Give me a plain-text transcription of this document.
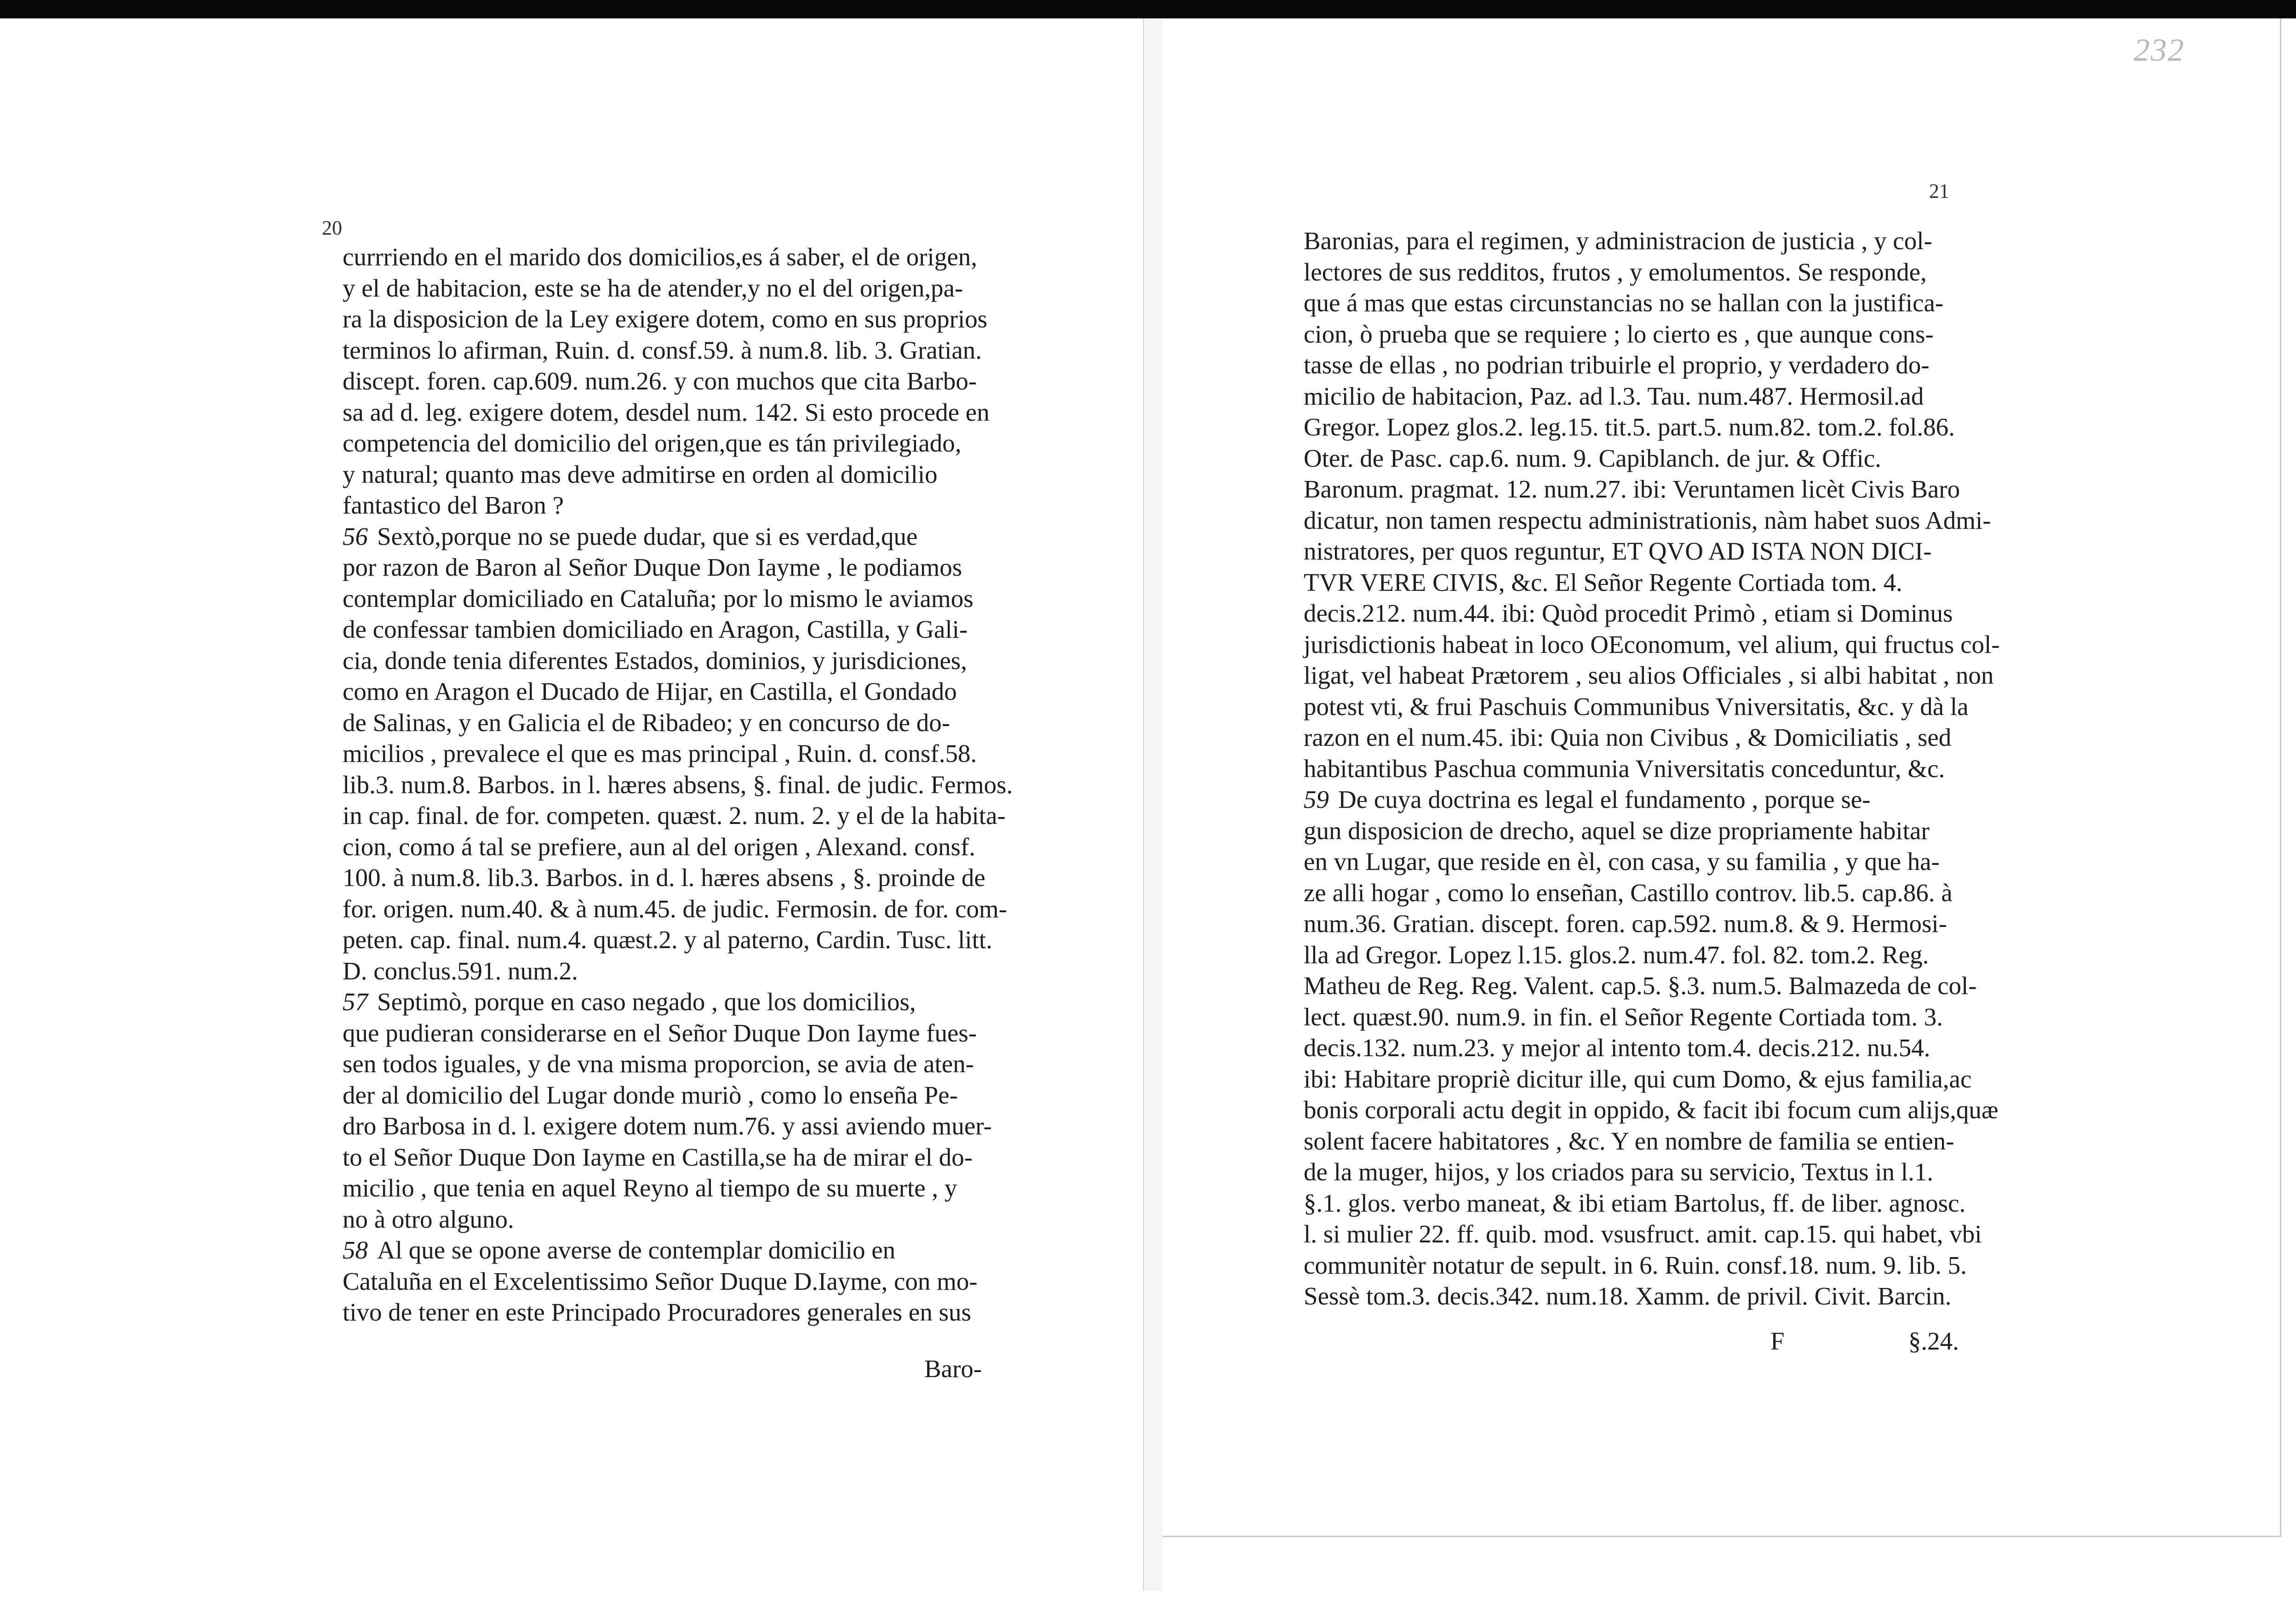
20
currriendo en el marido dos domicilios,es á saber, el de origen,
y el de habitacion, este se ha de atender,y no el del origen,pa-
ra la disposicion de la Ley exigere dotem, como en sus proprios
terminos lo afirman, Ruin. d. consf.59. à num.8. lib. 3. Gratian.
discept. foren. cap.609. num.26. y con muchos que cita Barbo-
sa ad d. leg. exigere dotem, desdel num. 142. Si esto procede en
competencia del domicilio del origen,que es tán privilegiado,
y natural; quanto mas deve admitirse en orden al domicilio
fantastico del Baron ?
56 Sextò,porque no se puede dudar, que si es verdad,que
por razon de Baron al Señor Duque Don Iayme , le podiamos
contemplar domiciliado en Cataluña; por lo mismo le aviamos
de confessar tambien domiciliado en Aragon, Castilla, y Gali-
cia, donde tenia diferentes Estados, dominios, y jurisdiciones,
como en Aragon el Ducado de Hijar, en Castilla, el Gondado
de Salinas, y en Galicia el de Ribadeo; y en concurso de do-
micilios , prevalece el que es mas principal , Ruin. d. consf.58.
lib.3. num.8. Barbos. in l. hæres absens, §. final. de judic. Fermos.
in cap. final. de for. competen. quæst. 2. num. 2. y el de la habita-
cion, como á tal se prefiere, aun al del origen , Alexand. consf.
100. à num.8. lib.3. Barbos. in d. l. hæres absens , §. proinde de
for. origen. num.40. & à num.45. de judic. Fermosin. de for. com-
peten. cap. final. num.4. quæst.2. y al paterno, Cardin. Tusc. litt.
D. conclus.591. num.2.
57 Septimò, porque en caso negado , que los domicilios,
que pudieran considerarse en el Señor Duque Don Iayme fues-
sen todos iguales, y de vna misma proporcion, se avia de aten-
der al domicilio del Lugar donde muriò , como lo enseña Pe-
dro Barbosa in d. l. exigere dotem num.76. y assi aviendo muer-
to el Señor Duque Don Iayme en Castilla,se ha de mirar el do-
micilio , que tenia en aquel Reyno al tiempo de su muerte , y
no à otro alguno.
58 Al que se opone averse de contemplar domicilio en
Cataluña en el Excelentissimo Señor Duque D.Iayme, con mo-
tivo de tener en este Principado Procuradores generales en sus
Baro-
232
21
Baronias, para el regimen, y administracion de justicia , y col-
lectores de sus redditos, frutos , y emolumentos. Se responde,
que á mas que estas circunstancias no se hallan con la justifica-
cion, ò prueba que se requiere ; lo cierto es , que aunque cons-
tasse de ellas , no podrian tribuirle el proprio, y verdadero do-
micilio de habitacion, Paz. ad l.3. Tau. num.487. Hermosil.ad
Gregor. Lopez glos.2. leg.15. tit.5. part.5. num.82. tom.2. fol.86.
Oter. de Pasc. cap.6. num. 9. Capiblanch. de jur. & Offic.
Baronum. pragmat. 12. num.27. ibi: Veruntamen licèt Civis Baro
dicatur, non tamen respectu administrationis, nàm habet suos Admi-
nistratores, per quos reguntur, ET QVO AD ISTA NON DICI-
TVR VERE CIVIS, &c. El Señor Regente Cortiada tom. 4.
decis.212. num.44. ibi: Quòd procedit Primò , etiam si Dominus
jurisdictionis habeat in loco OEconomum, vel alium, qui fructus col-
ligat, vel habeat Prætorem , seu alios Officiales , si albi habitat , non
potest vti, & frui Paschuis Communibus Vniversitatis, &c. y dà la
razon en el num.45. ibi: Quia non Civibus , & Domiciliatis , sed
habitantibus Paschua communia Vniversitatis conceduntur, &c.
59 De cuya doctrina es legal el fundamento , porque se-
gun disposicion de drecho, aquel se dize propriamente habitar
en vn Lugar, que reside en èl, con casa, y su familia , y que ha-
ze alli hogar , como lo enseñan, Castillo controv. lib.5. cap.86. à
num.36. Gratian. discept. foren. cap.592. num.8. & 9. Hermosi-
lla ad Gregor. Lopez l.15. glos.2. num.47. fol. 82. tom.2. Reg.
Matheu de Reg. Reg. Valent. cap.5. §.3. num.5. Balmazeda de col-
lect. quæst.90. num.9. in fin. el Señor Regente Cortiada tom. 3.
decis.132. num.23. y mejor al intento tom.4. decis.212. nu.54.
ibi: Habitare propriè dicitur ille, qui cum Domo, & ejus familia,ac
bonis corporali actu degit in oppido, & facit ibi focum cum alijs,quæ
solent facere habitatores , &c. Y en nombre de familia se entien-
de la muger, hijos, y los criados para su servicio, Textus in l.1.
§.1. glos. verbo maneat, & ibi etiam Bartolus, ff. de liber. agnosc.
l. si mulier 22. ff. quib. mod. vsusfruct. amit. cap.15. qui habet, vbi
communitèr notatur de sepult. in 6. Ruin. consf.18. num. 9. lib. 5.
Sessè tom.3. decis.342. num.18. Xamm. de privil. Civit. Barcin.
F	§.24.
